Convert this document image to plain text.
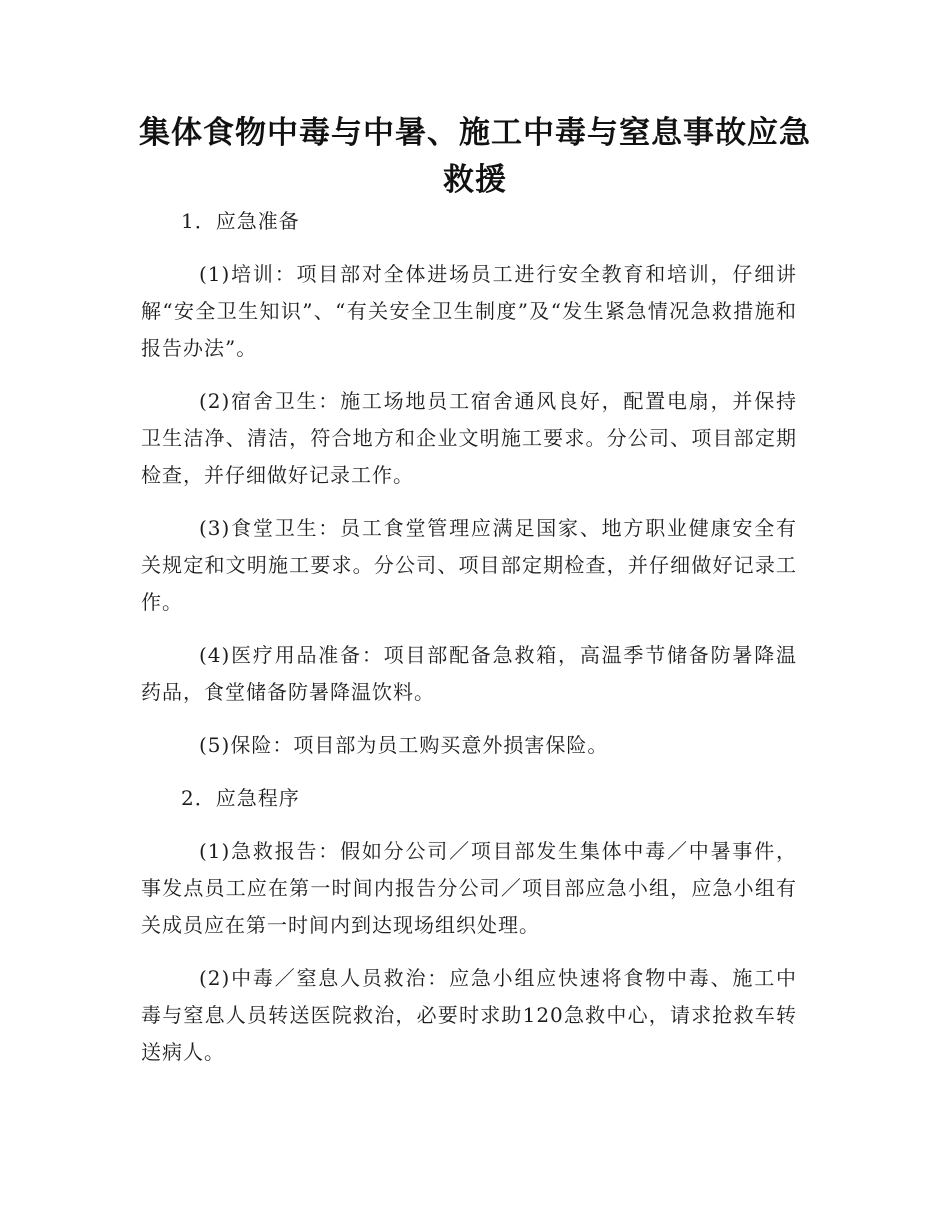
集体食物中毒与中暑、施工中毒与窒息事故应急救援

1．应急准备

(1)培训：项目部对全体进场员工进行安全教育和培训，仔细讲解“安全卫生知识”、“有关安全卫生制度”及“发生紧急情况急救措施和报告办法”。

(2)宿舍卫生：施工场地员工宿舍通风良好，配置电扇，并保持卫生洁净、清洁，符合地方和企业文明施工要求。分公司、项目部定期检查，并仔细做好记录工作。

(3)食堂卫生：员工食堂管理应满足国家、地方职业健康安全有关规定和文明施工要求。分公司、项目部定期检查，并仔细做好记录工作。

(4)医疗用品准备：项目部配备急救箱，高温季节储备防暑降温药品，食堂储备防暑降温饮料。

(5)保险：项目部为员工购买意外损害保险。

2．应急程序

(1)急救报告：假如分公司／项目部发生集体中毒／中暑事件，事发点员工应在第一时间内报告分公司／项目部应急小组，应急小组有关成员应在第一时间内到达现场组织处理。

(2)中毒／窒息人员救治：应急小组应快速将食物中毒、施工中毒与窒息人员转送医院救治，必要时求助120急救中心，请求抢救车转送病人。
